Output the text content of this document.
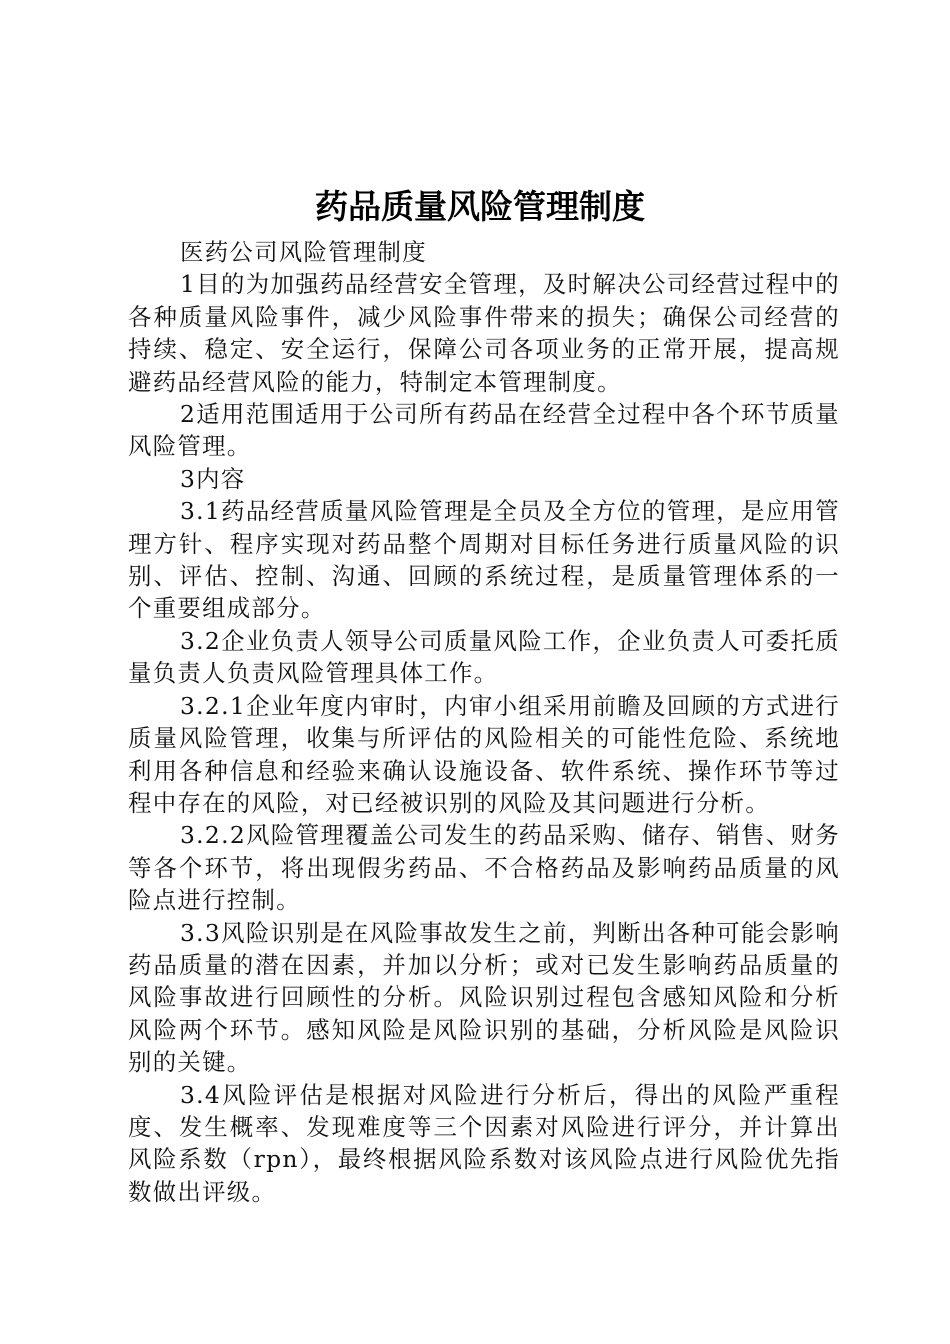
药品质量风险管理制度

医药公司风险管理制度

1目的为加强药品经营安全管理，及时解决公司经营过程中的各种质量风险事件，减少风险事件带来的损失；确保公司经营的持续、稳定、安全运行，保障公司各项业务的正常开展，提高规避药品经营风险的能力，特制定本管理制度。

2适用范围适用于公司所有药品在经营全过程中各个环节质量风险管理。

3内容

3.1药品经营质量风险管理是全员及全方位的管理，是应用管理方针、程序实现对药品整个周期对目标任务进行质量风险的识别、评估、控制、沟通、回顾的系统过程，是质量管理体系的一个重要组成部分。

3.2企业负责人领导公司质量风险工作，企业负责人可委托质量负责人负责风险管理具体工作。

3.2.1企业年度内审时，内审小组采用前瞻及回顾的方式进行质量风险管理，收集与所评估的风险相关的可能性危险、系统地利用各种信息和经验来确认设施设备、软件系统、操作环节等过程中存在的风险，对已经被识别的风险及其问题进行分析。

3.2.2风险管理覆盖公司发生的药品采购、储存、销售、财务等各个环节，将出现假劣药品、不合格药品及影响药品质量的风险点进行控制。

3.3风险识别是在风险事故发生之前，判断出各种可能会影响药品质量的潜在因素，并加以分析；或对已发生影响药品质量的风险事故进行回顾性的分析。风险识别过程包含感知风险和分析风险两个环节。感知风险是风险识别的基础，分析风险是风险识别的关键。

3.4风险评估是根据对风险进行分析后，得出的风险严重程度、发生概率、发现难度等三个因素对风险进行评分，并计算出风险系数（rpn），最终根据风险系数对该风险点进行风险优先指数做出评级。
